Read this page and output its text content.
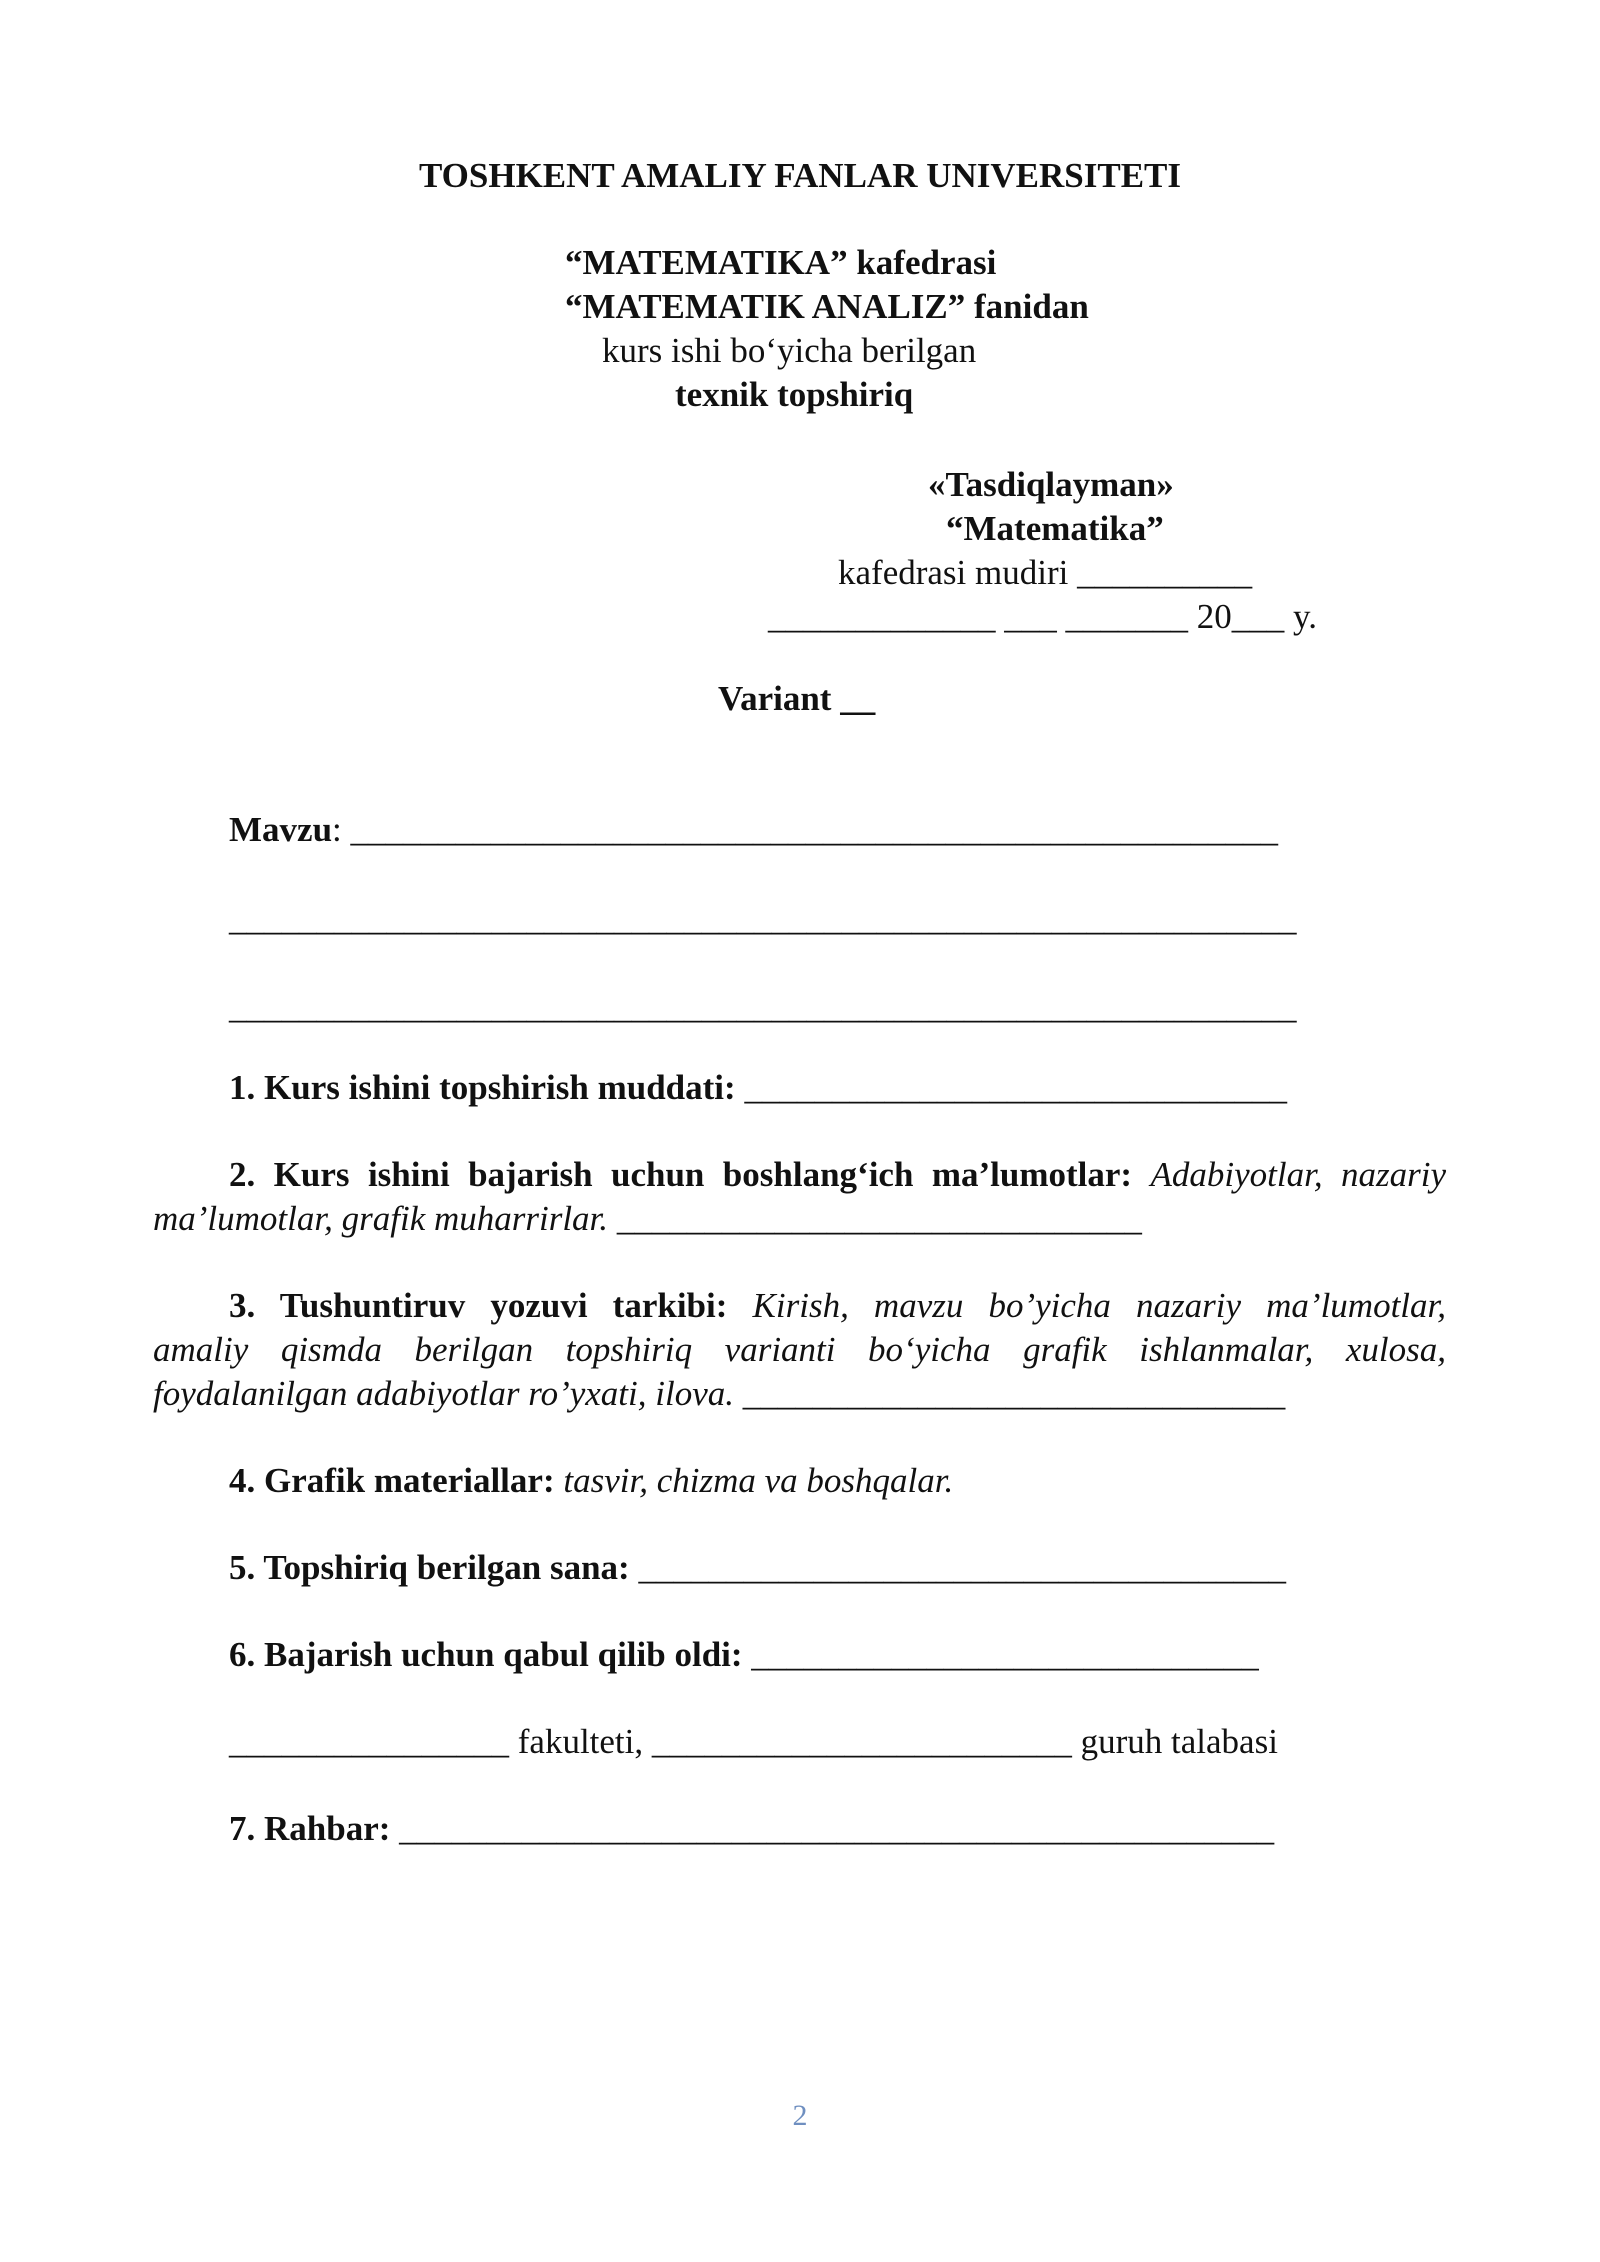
TOSHKENT AMALIY FANLAR UNIVERSITETI
“MATEMATIKA” kafedrasi
“MATEMATIK ANALIZ” fanidan
kurs ishi bo‘yicha berilgan
texnik topshiriq
«Tasdiqlayman»
“Matematika”
kafedrasi mudiri __________
_____________ ___ _______ 20___ y.
Variant __
Mavzu: _____________________________________________________
_____________________________________________________________
_____________________________________________________________
1. Kurs ishini topshirish muddati: _______________________________
2. Kurs ishini bajarish uchun boshlang‘ich ma’lumotlar: Adabiyotlar, nazariy
ma’lumotlar, grafik muharrirlar. ______________________________
3. Tushuntiruv yozuvi tarkibi: Kirish, mavzu bo’yicha nazariy ma’lumotlar,
amaliy qismda berilgan topshiriq varianti bo‘yicha grafik ishlanmalar, xulosa,
foydalanilgan adabiyotlar ro’yxati, ilova. _______________________________
4. Grafik materiallar: tasvir, chizma va boshqalar.
5. Topshiriq berilgan sana: _____________________________________
6. Bajarish uchun qabul qilib oldi: _____________________________
________________ fakulteti, ________________________ guruh talabasi
7. Rahbar: __________________________________________________
2
